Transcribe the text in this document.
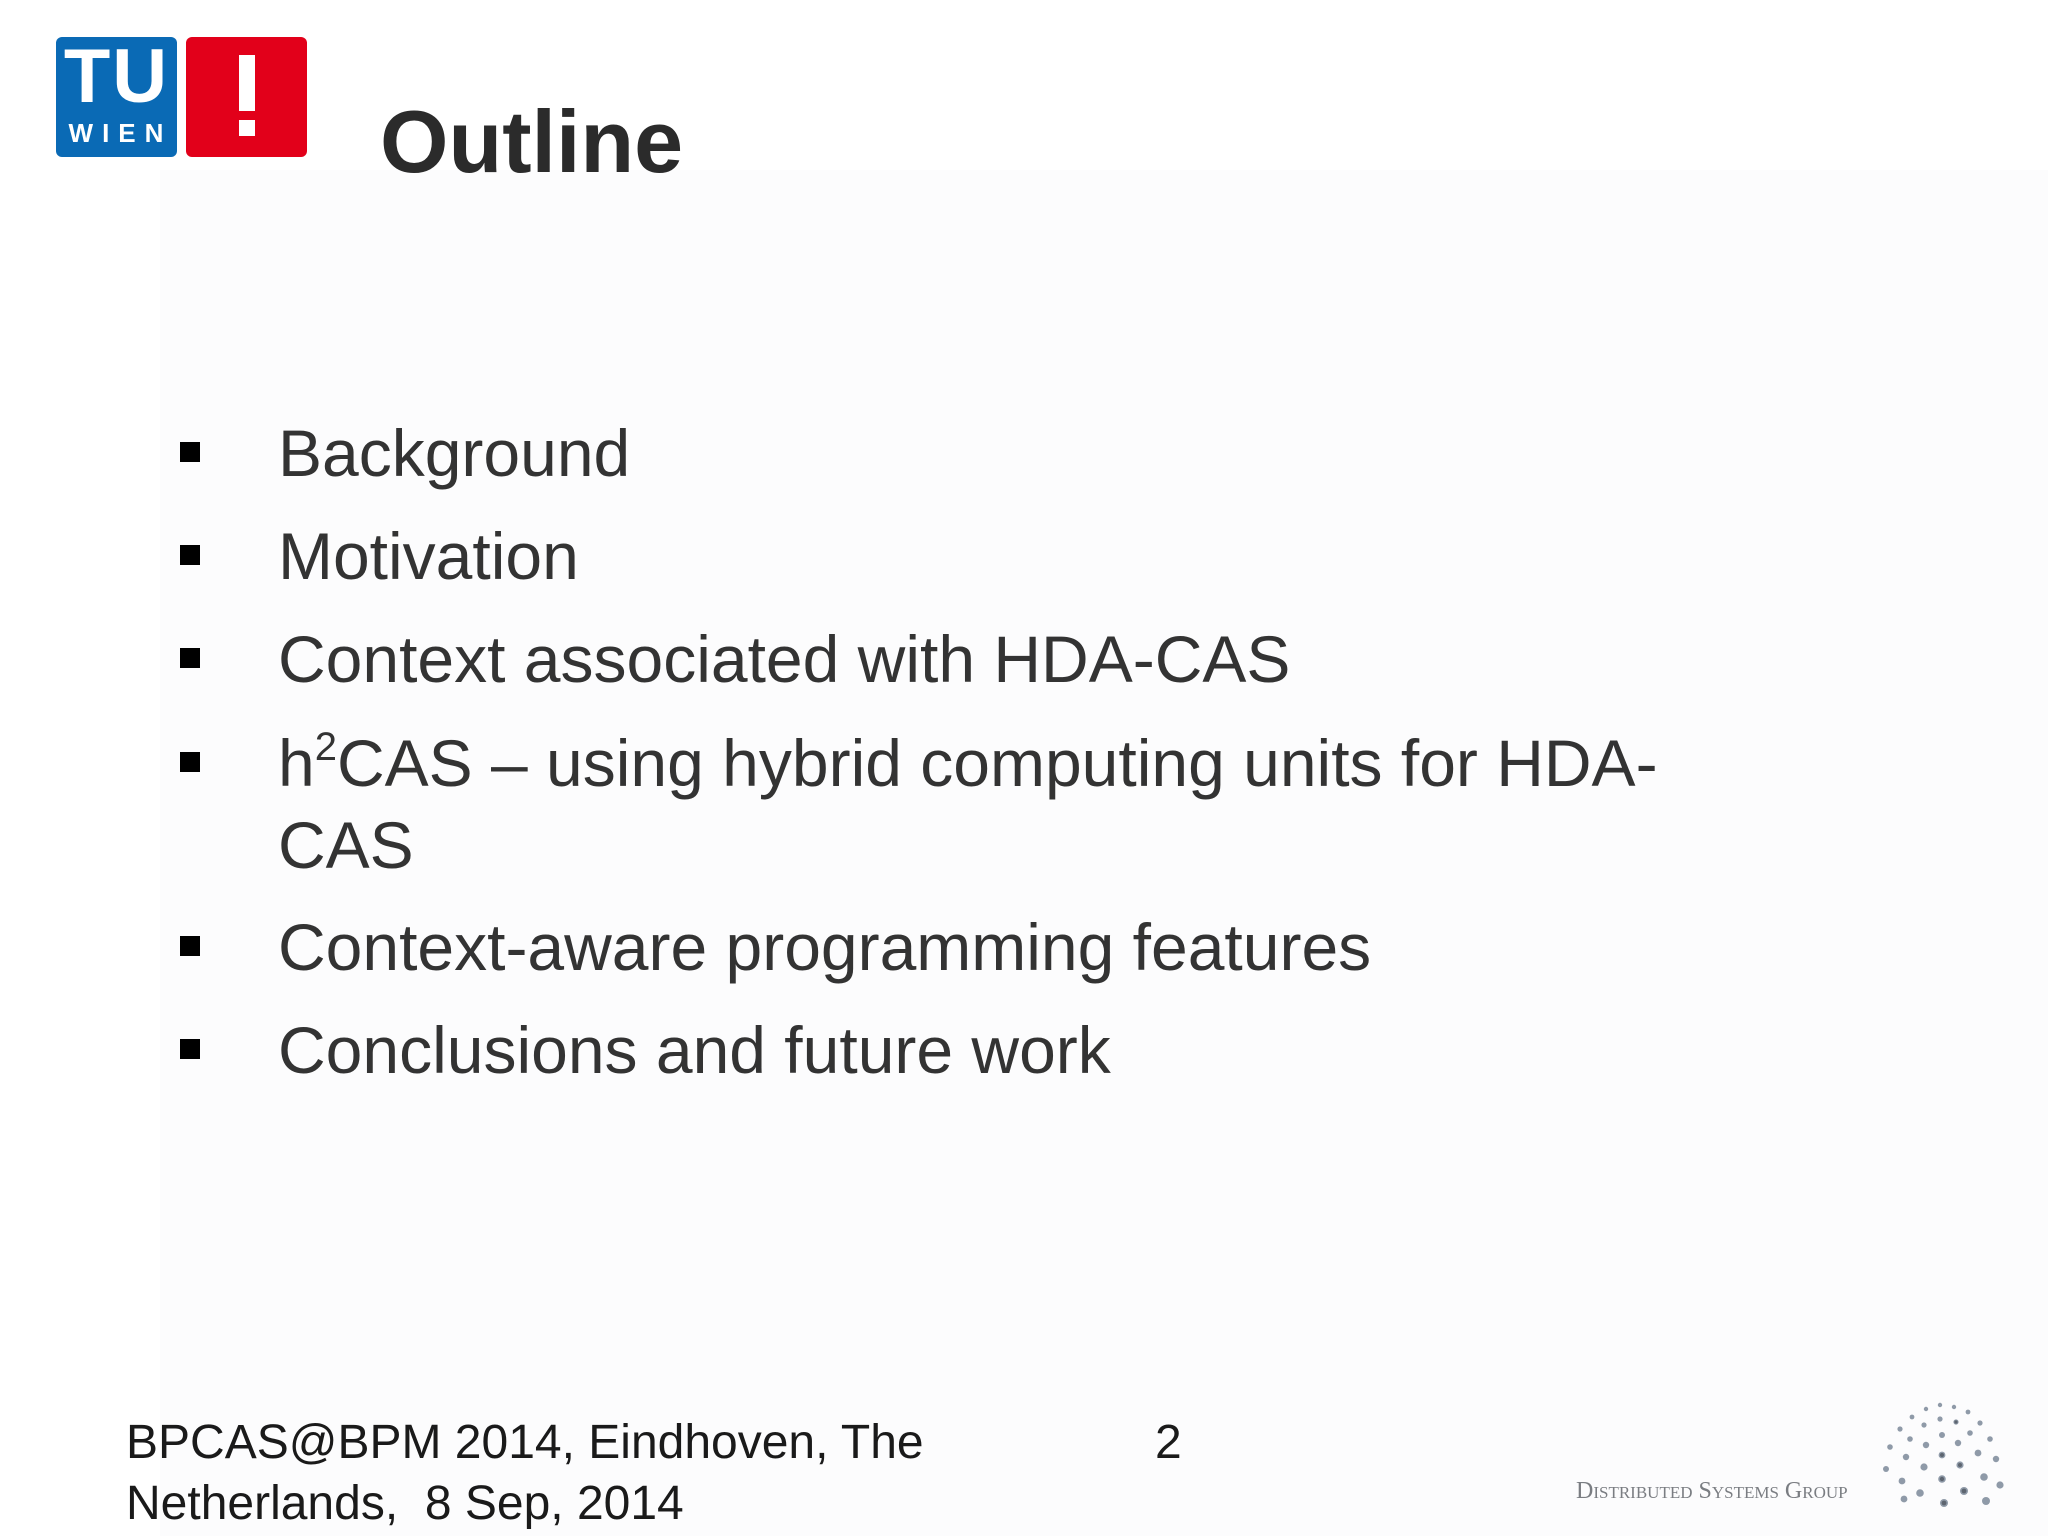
TU
WIEN Outline
Background
Motivation
Context associated with HDA-CAS
$h^2CAS$ – using hybrid computing units for HDA-CAS
Context-aware programming features
Conclusions and future work
BPCAS@BPM 2014, Eindhoven, The
Netherlands,  8 Sep, 2014
2
Distributed Systems Group
